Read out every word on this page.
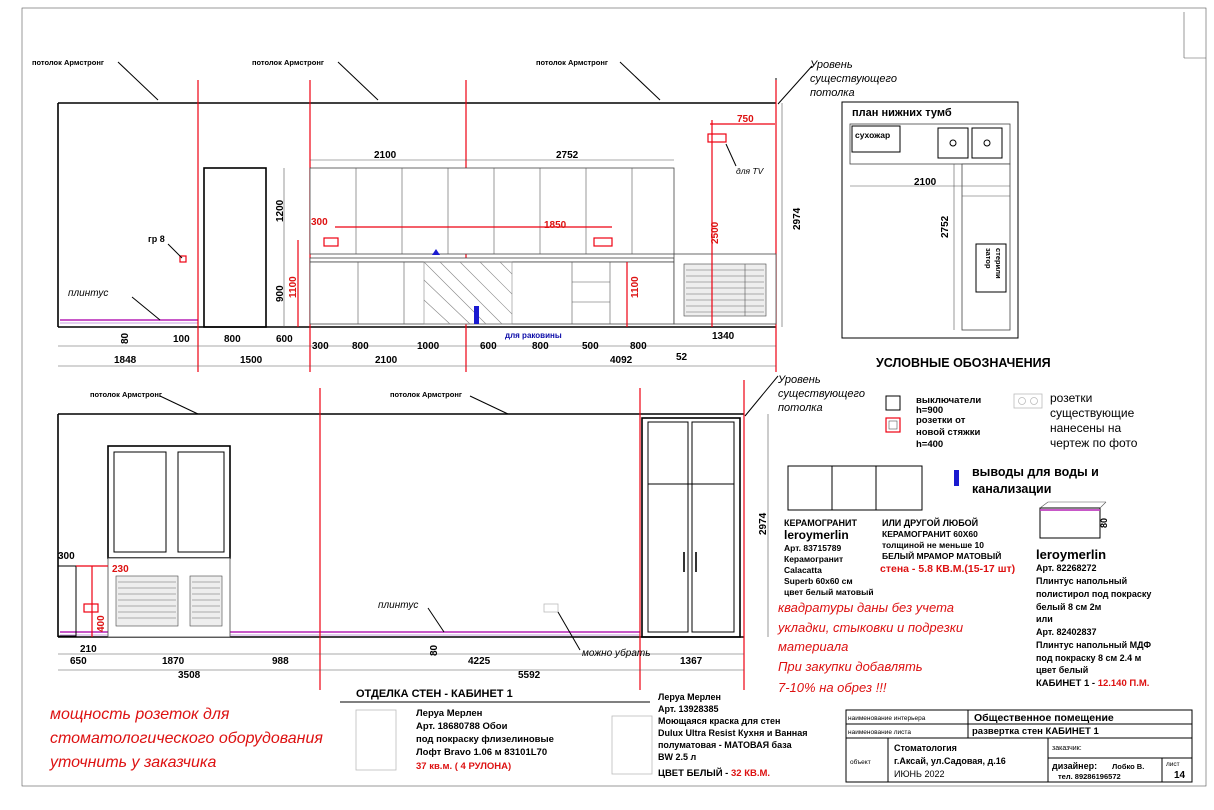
потолок Армстронг	потолок Армстронг	потолок Армстронг	Уровень
существующего
потолка
плинтус
гр 8
для TV
для раковины
2100	2752
1200
900
2974
1340
80	100	800	600
300 800	1000	600	800	500	800
52
1848	1500	2100	4092
750
300	1850
1100	1100
2500
план нижних тумб
сухожар
2100
2752
стерили
затор
УСЛОВНЫЕ ОБОЗНАЧЕНИЯ
выключатели
h=900
розетки от
новой стяжки
h=400
розетки
существующие
нанесены на
чертеж по фото
выводы для воды и
канализации
потолок Армстронг	потолок Армстронг
Уровень
существующего
потолка
плинтус
можно убрать
2974
300
210
650	1870	988
80
4225	1367
3508	5592
230
400
КЕРАМОГРАНИТ
leroymerlin
Арт. 83715789
Керамогранит
Calacatta
Superb 60x60 см
цвет белый матовый
ИЛИ ДРУГОЙ ЛЮБОЙ
КЕРАМОГРАНИТ 60Х60
толщиной не меньше 10
БЕЛЫЙ МРАМОР МАТОВЫЙ
стена - 5.8 КВ.М.(15-17 шт)
квадратуры даны без учета
укладки, стыковки и подрезки
материала
При закупки добавлять
7-10% на обрез !!!
80
leroymerlin
Арт. 82268272
Плинтус напольный
полистирол под покраску
белый 8 см 2м
или
Арт. 82402837
Плинтус напольный МДФ
под покраску 8 см 2.4 м
цвет белый
КАБИНЕТ 1 - 12.140 П.М.
ОТДЕЛКА СТЕН - КАБИНЕТ 1
Леруа Мерлен
Арт. 18680788 Обои
под покраску флизелиновые
Лофт Bravo 1.06 м 83101L70
37 кв.м. ( 4 РУЛОНА)
Леруа Мерлен
Арт. 13928385
Моющаяся краска для стен
Dulux Ultra Resist Кухня и Ванная
полуматовая - МАТОВАЯ база
BW 2.5 л
ЦВЕТ БЕЛЫЙ - 32 КВ.М.
мощность розеток для
стоматологического оборудования
уточнить у заказчика
наименование интерьера	Общественное помещение
наименование листа	развертка стен КАБИНЕТ 1
объект
Стоматология
г.Аксай, ул.Садовая, д.16
ИЮНЬ 2022
заказчик:
дизайнер: Лобко В.
тел. 89286196572
лист
14
